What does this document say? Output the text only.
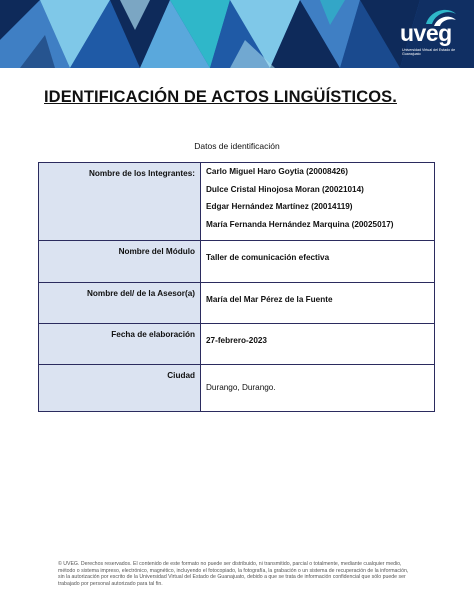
uveg
Universidad Virtual del Estado de Guanajuato
IDENTIFICACIÓN DE ACTOS LINGÜÍSTICOS.
Datos de identificación
Nombre de los Integrantes:	Carlo Miguel Haro Goytia (20008426)
Dulce Cristal Hinojosa Moran (20021014)
Edgar Hernández Martínez (20014119)
María Fernanda Hernández Marquina (20025017)

Nombre del Módulo	Taller de comunicación efectiva
Nombre del/ de la Asesor(a)	María del Mar Pérez de la Fuente
Fecha de elaboración	27-febrero-2023
Ciudad	Durango, Durango.
© UVEG. Derechos reservados. El contenido de este formato no puede ser distribuido, ni transmitido, parcial o totalmente, mediante cualquier medio, método o sistema impreso, electrónico, magnético, incluyendo el fotocopiado, la fotografía, la grabación o un sistema de recuperación de la información, sin la autorización por escrito de la Universidad Virtual del Estado de Guanajuato, debido a que se trata de información confidencial que sólo puede ser trabajado por personal autorizado para tal fin.
